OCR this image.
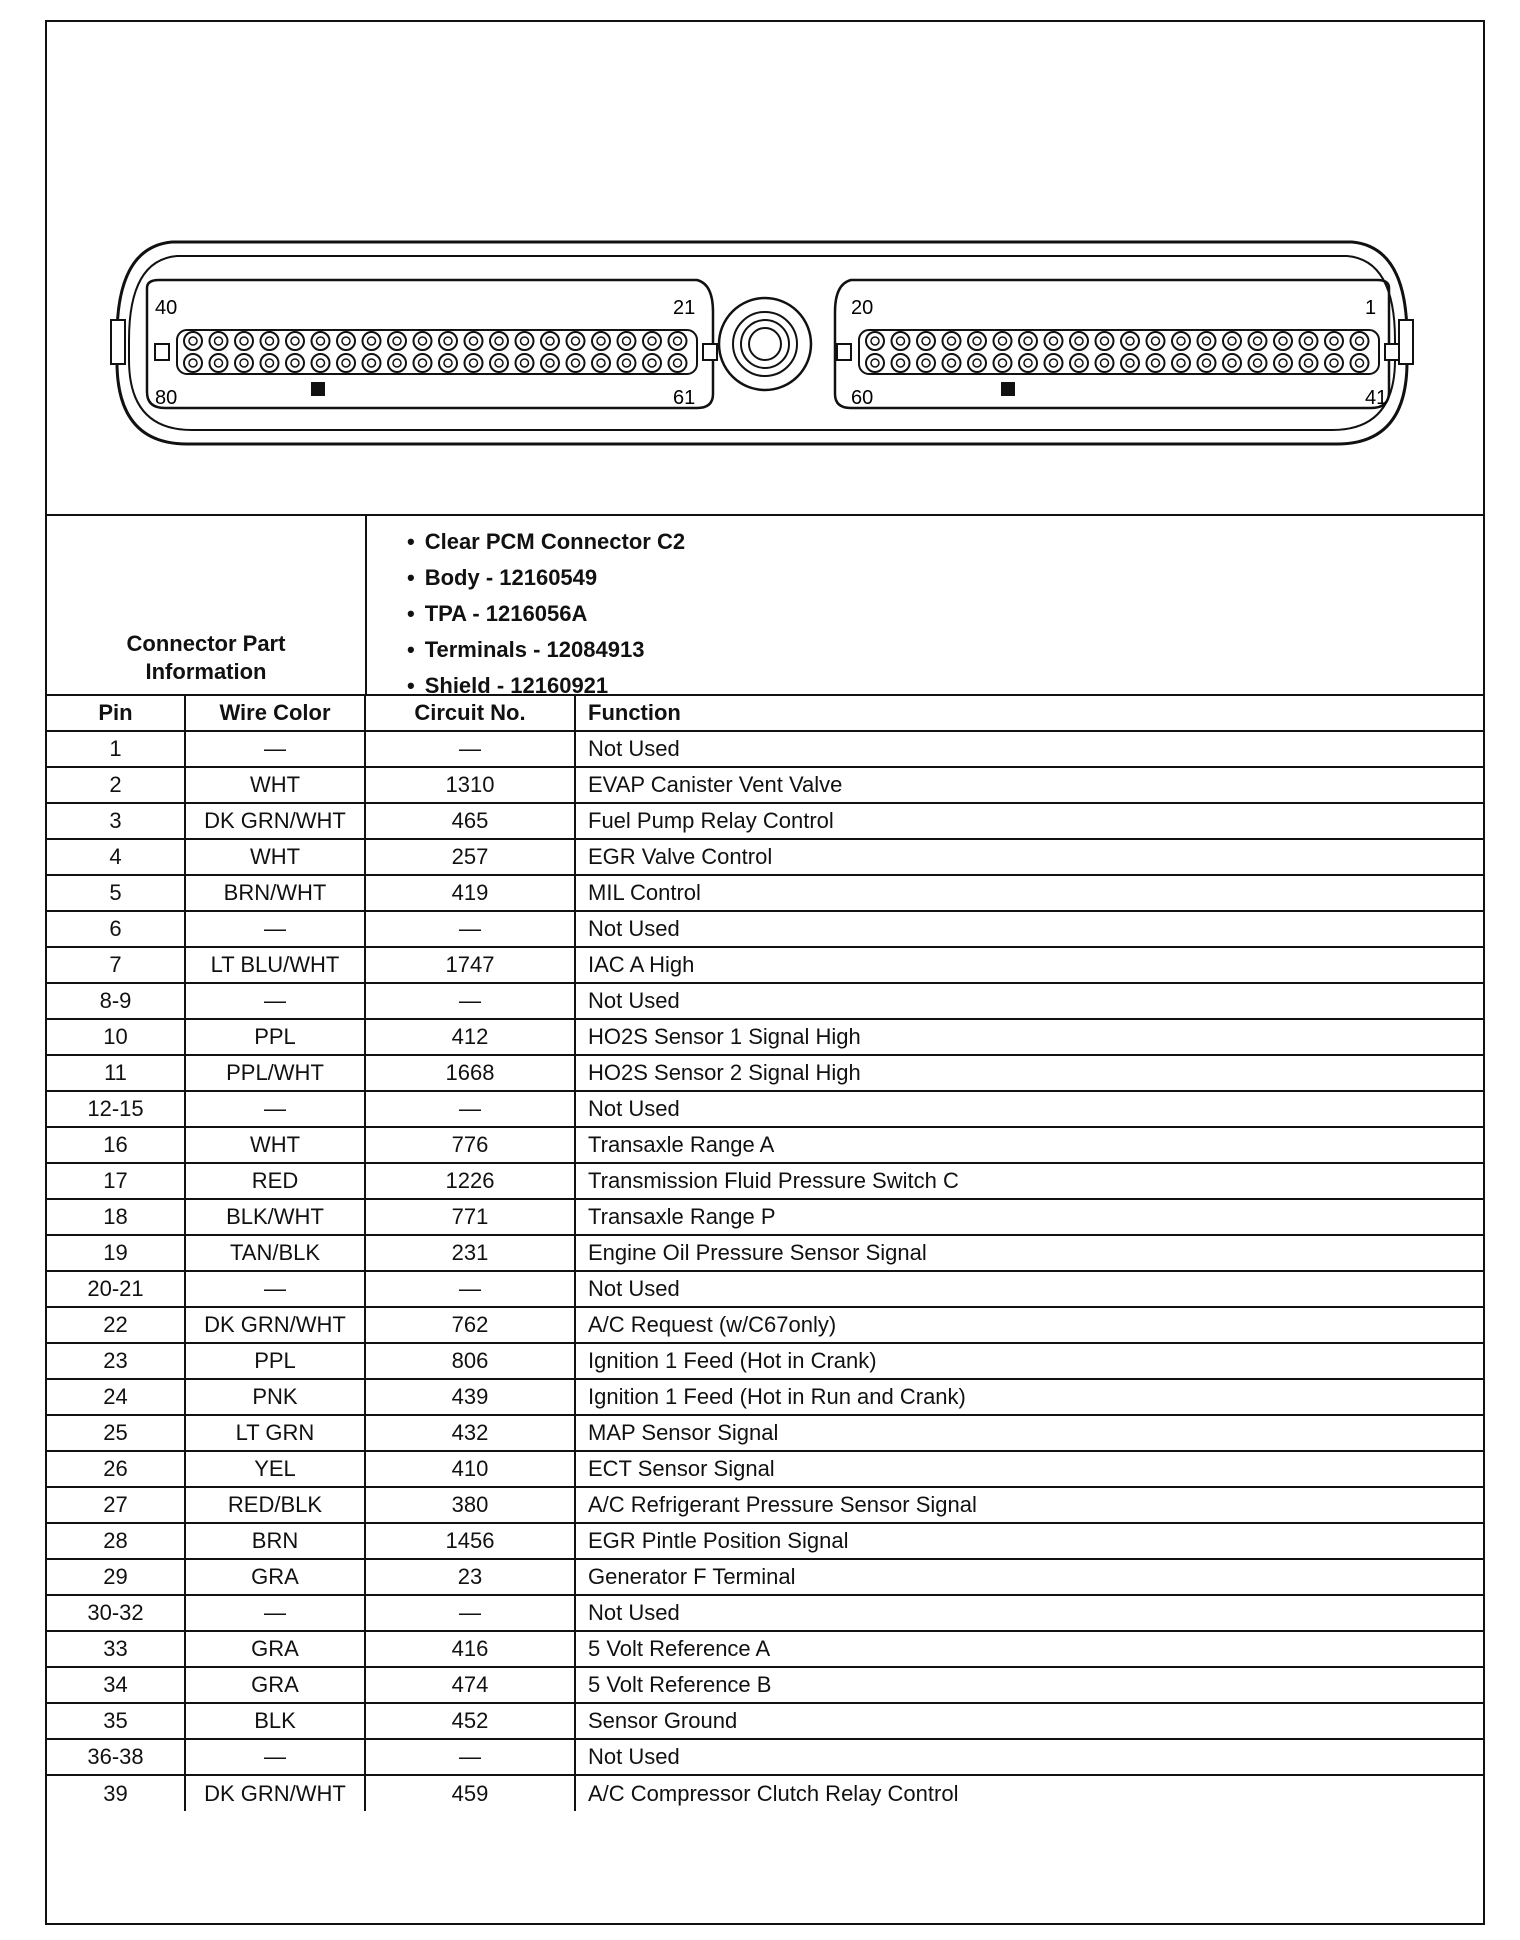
40	21	20	1
80	61	60	41
Connector Part Information
• Clear PCM Connector C2
• Body - 12160549
• TPA - 1216056A
• Terminals - 12084913
• Shield - 12160921
Pin	Wire Color	Circuit No.	Function
1	—	—	Not Used
2	WHT	1310	EVAP Canister Vent Valve
3	DK GRN/WHT	465	Fuel Pump Relay Control
4	WHT	257	EGR Valve Control
5	BRN/WHT	419	MIL Control
6	—	—	Not Used
7	LT BLU/WHT	1747	IAC A High
8-9	—	—	Not Used
10	PPL	412	HO2S Sensor 1 Signal High
11	PPL/WHT	1668	HO2S Sensor 2 Signal High
12-15	—	—	Not Used
16	WHT	776	Transaxle Range A
17	RED	1226	Transmission Fluid Pressure Switch C
18	BLK/WHT	771	Transaxle Range P
19	TAN/BLK	231	Engine Oil Pressure Sensor Signal
20-21	—	—	Not Used
22	DK GRN/WHT	762	A/C Request (w/C67only)
23	PPL	806	Ignition 1 Feed (Hot in Crank)
24	PNK	439	Ignition 1 Feed (Hot in Run and Crank)
25	LT GRN	432	MAP Sensor Signal
26	YEL	410	ECT Sensor Signal
27	RED/BLK	380	A/C Refrigerant Pressure Sensor Signal
28	BRN	1456	EGR Pintle Position Signal
29	GRA	23	Generator F Terminal
30-32	—	—	Not Used
33	GRA	416	5 Volt Reference A
34	GRA	474	5 Volt Reference B
35	BLK	452	Sensor Ground
36-38	—	—	Not Used
39	DK GRN/WHT	459	A/C Compressor Clutch Relay Control
